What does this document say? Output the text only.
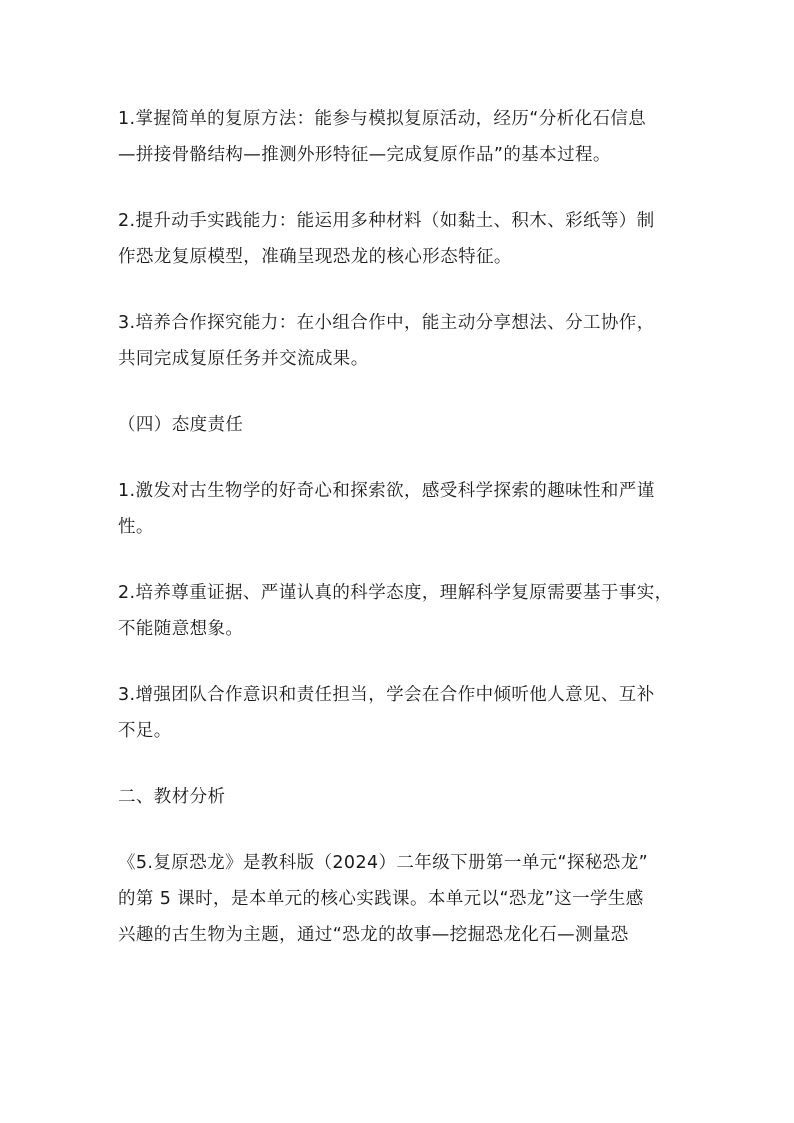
1.掌握简单的复原方法：能参与模拟复原活动，经历“分析化石信息
—拼接骨骼结构—推测外形特征—完成复原作品”的基本过程。

2.提升动手实践能力：能运用多种材料（如黏土、积木、彩纸等）制
作恐龙复原模型，准确呈现恐龙的核心形态特征。

3.培养合作探究能力：在小组合作中，能主动分享想法、分工协作，
共同完成复原任务并交流成果。

（四）态度责任

1.激发对古生物学的好奇心和探索欲，感受科学探索的趣味性和严谨
性。

2.培养尊重证据、严谨认真的科学态度，理解科学复原需要基于事实，
不能随意想象。

3.增强团队合作意识和责任担当，学会在合作中倾听他人意见、互补
不足。

二、教材分析

《5.复原恐龙》是教科版（2024）二年级下册第一单元“探秘恐龙”
的第 5 课时，是本单元的核心实践课。本单元以“恐龙”这一学生感
兴趣的古生物为主题，通过“恐龙的故事—挖掘恐龙化石—测量恐
